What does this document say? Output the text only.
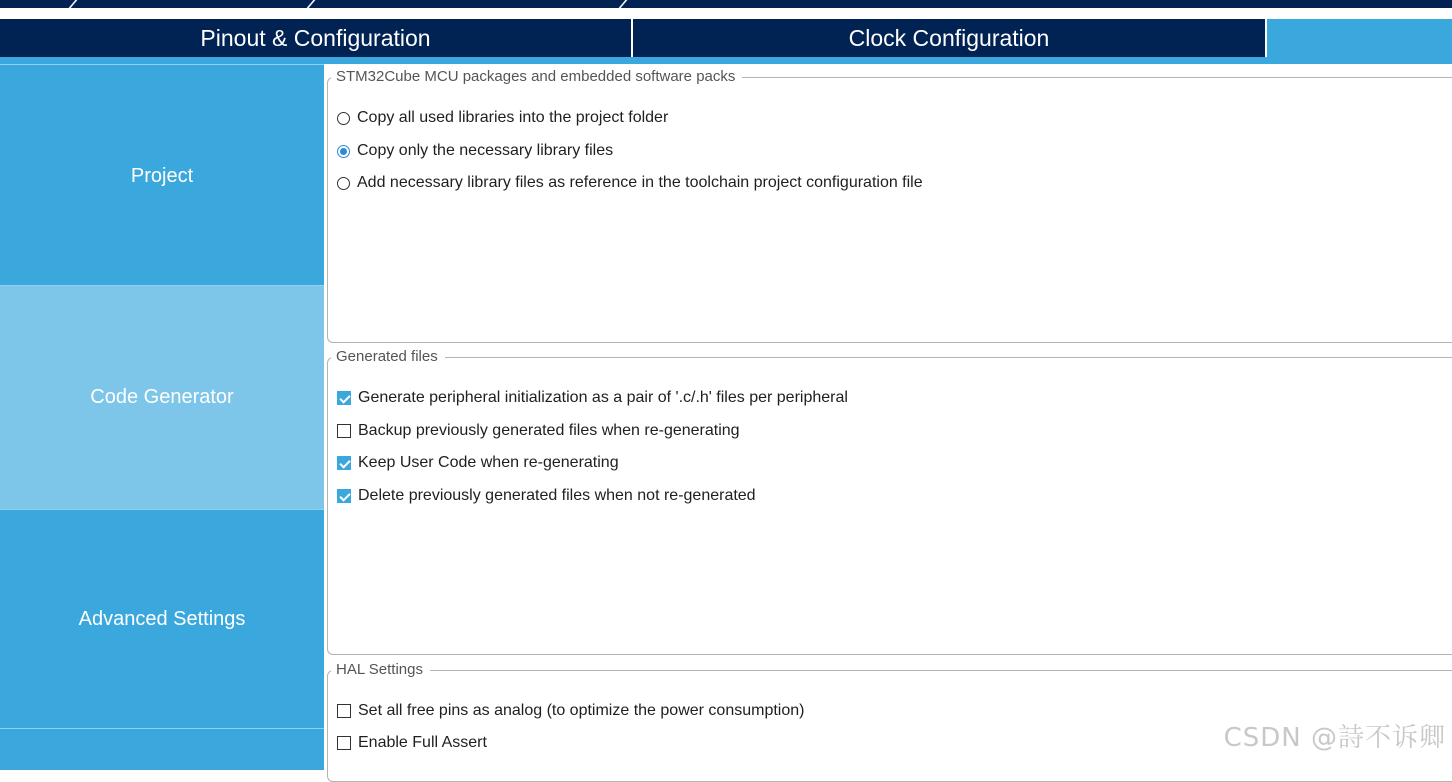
Pinout & Configuration	Clock Configuration
Project
Code Generator
Advanced Settings
STM32Cube MCU packages and embedded software packs
Copy all used libraries into the project folder
Copy only the necessary library files
Add necessary library files as reference in the toolchain project configuration file
Generated files
Generate peripheral initialization as a pair of '.c/.h' files per peripheral
Backup previously generated files when re-generating
Keep User Code when re-generating
Delete previously generated files when not re-generated
HAL Settings
Set all free pins as analog (to optimize the power consumption)
Enable Full Assert	CSDN @詩不诉卿
